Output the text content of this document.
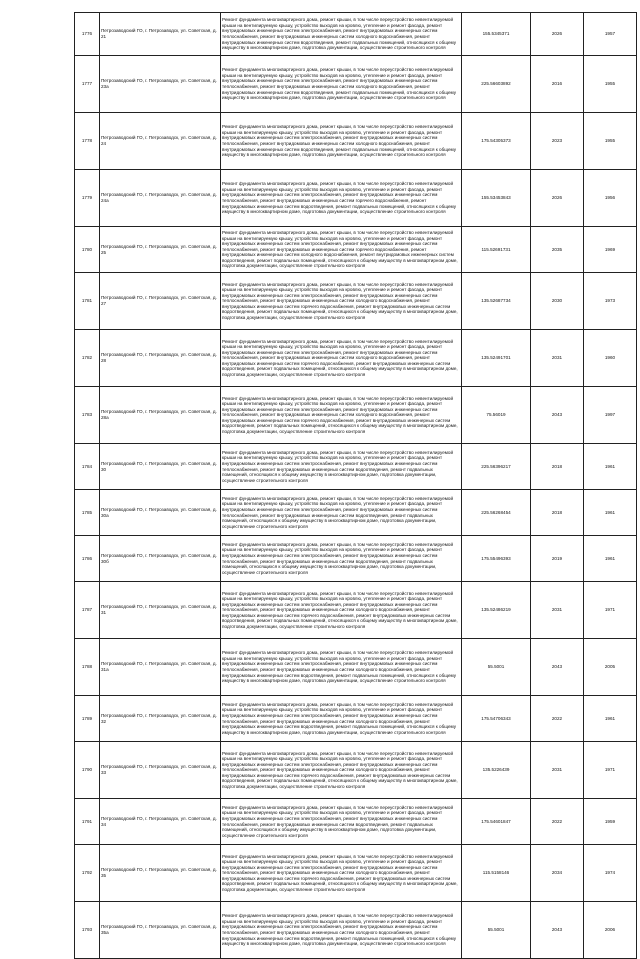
1776	Петрозаводский ГО, г. Петрозаводск, ул. Советская, д. 21	Ремонт фундамента многоквартирного дома, ремонт крыши, в том числе переустройство невентилируемой крыши на вентилируемую крышу, устройство выходов на кровлю, утепление и ремонт фасада, ремонт внутридомовых инженерных систем электроснабжения, ремонт внутридомовых инженерных систем теплоснабжения, ремонт внутридомовых инженерных систем холодного водоснабжения, ремонт внутридомовых инженерных систем водоотведения, ремонт подвальных помещений, относящихся к общему имуществу в многоквартирном доме, подготовка документации, осуществление строительного контроля	155.5345371	2026	1957
1777	Петрозаводский ГО, г. Петрозаводск, ул. Советская, д. 23а	Ремонт фундамента многоквартирного дома, ремонт крыши, в том числе переустройство невентилируемой крыши на вентилируемую крышу, устройство выходов на кровлю, утепление и ремонт фасада, ремонт внутридомовых инженерных систем электроснабжения, ремонт внутридомовых инженерных систем теплоснабжения, ремонт внутридомовых инженерных систем холодного водоснабжения, ремонт внутридомовых инженерных систем водоотведения, ремонт подвальных помещений, относящихся к общему имуществу в многоквартирном доме, подготовка документации, осуществление строительного контроля	225.56603892	2016	1955
1778	Петрозаводский ГО, г. Петрозаводск, ул. Советская, д. 24	Ремонт фундамента многоквартирного дома, ремонт крыши, в том числе переустройство невентилируемой крыши на вентилируемую крышу, устройство выходов на кровлю, утепление и ремонт фасада, ремонт внутридомовых инженерных систем электроснабжения, ремонт внутридомовых инженерных систем теплоснабжения, ремонт внутридомовых инженерных систем холодного водоснабжения, ремонт внутридомовых инженерных систем водоотведения, ремонт подвальных помещений, относящихся к общему имуществу в многоквартирном доме, подготовка документации, осуществление строительного контроля	175.54305373	2023	1955
1779	Петрозаводский ГО, г. Петрозаводск, ул. Советская, д. 24а	Ремонт фундамента многоквартирного дома, ремонт крыши, в том числе переустройство невентилируемой крыши на вентилируемую крышу, устройство выходов на кровлю, утепление и ремонт фасада, ремонт внутридомовых инженерных систем электроснабжения, ремонт внутридомовых инженерных систем теплоснабжения, ремонт внутридомовых инженерных систем горячего водоснабжения, ремонт внутридомовых инженерных систем водоотведения, ремонт подвальных помещений, относящихся к общему имуществу в многоквартирном доме, подготовка документации, осуществление строительного контроля	155.53453843	2026	1956
1780	Петрозаводский ГО, г. Петрозаводск, ул. Советская, д. 25	Ремонт фундамента многоквартирного дома, ремонт крыши, в том числе переустройство невентилируемой крыши на вентилируемую крышу, устройство выходов на кровлю, утепление и ремонт фасада, ремонт внутридомовых инженерных систем электроснабжения, ремонт внутридомовых инженерных систем теплоснабжения, ремонт внутридомовых инженерных систем горячего водоснабжения, ремонт внутридомовых инженерных систем холодного водоснабжения, ремонт внутридомовых инженерных систем водоотведения, ремонт подвальных помещений, относящихся к общему имуществу в многоквартирном доме, подготовка документации, осуществление строительного контроля	115.52691731	2035	1969
1781	Петрозаводский ГО, г. Петрозаводск, ул. Советская, д. 27	Ремонт фундамента многоквартирного дома, ремонт крыши, в том числе переустройство невентилируемой крыши на вентилируемую крышу, устройство выходов на кровлю, утепление и ремонт фасада, ремонт внутридомовых инженерных систем электроснабжения, ремонт внутридомовых инженерных систем теплоснабжения, ремонт внутридомовых инженерных систем холодного водоснабжения, ремонт внутридомовых инженерных систем горячего водоснабжения, ремонт внутридомовых инженерных систем водоотведения, ремонт подвальных помещений, относящихся к общему имуществу в многоквартирном доме, подготовка документации, осуществление строительного контроля	135.52687734	2030	1973
1782	Петрозаводский ГО, г. Петрозаводск, ул. Советская, д. 28	Ремонт фундамента многоквартирного дома, ремонт крыши, в том числе переустройство невентилируемой крыши на вентилируемую крышу, устройство выходов на кровлю, утепление и ремонт фасада, ремонт внутридомовых инженерных систем электроснабжения, ремонт внутридомовых инженерных систем теплоснабжения, ремонт внутридомовых инженерных систем холодного водоснабжения, ремонт внутридомовых инженерных систем горячего водоснабжения, ремонт внутридомовых инженерных систем водоотведения, ремонт подвальных помещений, относящихся к общему имуществу в многоквартирном доме, подготовка документации, осуществление строительного контроля	135.52491701	2031	1960
1783	Петрозаводский ГО, г. Петрозаводск, ул. Советская, д. 28а	Ремонт фундамента многоквартирного дома, ремонт крыши, в том числе переустройство невентилируемой крыши на вентилируемую крышу, устройство выходов на кровлю, утепление и ремонт фасада, ремонт внутридомовых инженерных систем электроснабжения, ремонт внутридомовых инженерных систем теплоснабжения, ремонт внутридомовых инженерных систем холодного водоснабжения, ремонт внутридомовых инженерных систем горячего водоснабжения, ремонт внутридомовых инженерных систем водоотведения, ремонт подвальных помещений, относящихся к общему имуществу в многоквартирном доме, подготовка документации, осуществление строительного контроля	75.56019	2043	1997
1784	Петрозаводский ГО, г. Петрозаводск, ул. Советская, д. 30	Ремонт фундамента многоквартирного дома, ремонт крыши, в том числе переустройство невентилируемой крыши на вентилируемую крышу, устройство выходов на кровлю, утепление и ремонт фасада, ремонт внутридомовых инженерных систем электроснабжения, ремонт внутридомовых инженерных систем теплоснабжения, ремонт внутридомовых инженерных систем водоотведения, ремонт подвальных помещений, относящихся к общему имуществу в многоквартирном доме, подготовка документации, осуществление строительного контроля	225.56396217	2018	1961
1785	Петрозаводский ГО, г. Петрозаводск, ул. Советская, д. 30а	Ремонт фундамента многоквартирного дома, ремонт крыши, в том числе переустройство невентилируемой крыши на вентилируемую крышу, устройство выходов на кровлю, утепление и ремонт фасада, ремонт внутридомовых инженерных систем электроснабжения, ремонт внутридомовых инженерных систем теплоснабжения, ремонт внутридомовых инженерных систем водоотведения, ремонт подвальных помещений, относящихся к общему имуществу в многоквартирном доме, подготовка документации, осуществление строительного контроля	225.56268454	2018	1961
1786	Петрозаводский ГО, г. Петрозаводск, ул. Советская, д. 30б	Ремонт фундамента многоквартирного дома, ремонт крыши, в том числе переустройство невентилируемой крыши на вентилируемую крышу, устройство выходов на кровлю, утепление и ремонт фасада, ремонт внутридомовых инженерных систем электроснабжения, ремонт внутридомовых инженерных систем теплоснабжения, ремонт внутридомовых инженерных систем водоотведения, ремонт подвальных помещений, относящихся к общему имуществу в многоквартирном доме, подготовка документации, осуществление строительного контроля	175.55496393	2019	1961
1787	Петрозаводский ГО, г. Петрозаводск, ул. Советская, д. 31	Ремонт фундамента многоквартирного дома, ремонт крыши, в том числе переустройство невентилируемой крыши на вентилируемую крышу, устройство выходов на кровлю, утепление и ремонт фасада, ремонт внутридомовых инженерных систем электроснабжения, ремонт внутридомовых инженерных систем теплоснабжения, ремонт внутридомовых инженерных систем холодного водоснабжения, ремонт внутридомовых инженерных систем горячего водоснабжения, ремонт внутридомовых инженерных систем водоотведения, ремонт подвальных помещений, относящихся к общему имуществу в многоквартирном доме, подготовка документации, осуществление строительного контроля	135.52486219	2031	1971
1788	Петрозаводский ГО, г. Петрозаводск, ул. Советская, д. 31а	Ремонт фундамента многоквартирного дома, ремонт крыши, в том числе переустройство невентилируемой крыши на вентилируемую крышу, устройство выходов на кровлю, утепление и ремонт фасада, ремонт внутридомовых инженерных систем электроснабжения, ремонт внутридомовых инженерных систем теплоснабжения, ремонт внутридомовых инженерных систем холодного водоснабжения, ремонт внутридомовых инженерных систем водоотведения, ремонт подвальных помещений, относящихся к общему имуществу в многоквартирном доме, подготовка документации, осуществление строительного контроля	55.5001	2043	2005
1789	Петрозаводский ГО, г. Петрозаводск, ул. Советская, д. 32	Ремонт фундамента многоквартирного дома, ремонт крыши, в том числе переустройство невентилируемой крыши на вентилируемую крышу, устройство выходов на кровлю, утепление и ремонт фасада, ремонт внутридомовых инженерных систем электроснабжения, ремонт внутридомовых инженерных систем теплоснабжения, ремонт внутридомовых инженерных систем холодного водоснабжения, ремонт внутридомовых инженерных систем водоотведения, ремонт подвальных помещений, относящихся к общему имуществу в многоквартирном доме, подготовка документации, осуществление строительного контроля	175.54706343	2022	1961
1790	Петрозаводский ГО, г. Петрозаводск, ул. Советская, д. 33	Ремонт фундамента многоквартирного дома, ремонт крыши, в том числе переустройство невентилируемой крыши на вентилируемую крышу, устройство выходов на кровлю, утепление и ремонт фасада, ремонт внутридомовых инженерных систем электроснабжения, ремонт внутридомовых инженерных систем теплоснабжения, ремонт внутридомовых инженерных систем холодного водоснабжения, ремонт внутридомовых инженерных систем горячего водоснабжения, ремонт внутридомовых инженерных систем водоотведения, ремонт подвальных помещений, относящихся к общему имуществу в многоквартирном доме, подготовка документации, осуществление строительного контроля	135.5226439	2031	1971
1791	Петрозаводский ГО, г. Петрозаводск, ул. Советская, д. 34	Ремонт фундамента многоквартирного дома, ремонт крыши, в том числе переустройство невентилируемой крыши на вентилируемую крышу, устройство выходов на кровлю, утепление и ремонт фасада, ремонт внутридомовых инженерных систем электроснабжения, ремонт внутридомовых инженерных систем теплоснабжения, ремонт внутридомовых инженерных систем водоотведения, ремонт подвальных помещений, относящихся к общему имуществу в многоквартирном доме, подготовка документации, осуществление строительного контроля	175.54601847	2022	1959
1792	Петрозаводский ГО, г. Петрозаводск, ул. Советская, д. 35	Ремонт фундамента многоквартирного дома, ремонт крыши, в том числе переустройство невентилируемой крыши на вентилируемую крышу, устройство выходов на кровлю, утепление и ремонт фасада, ремонт внутридомовых инженерных систем электроснабжения, ремонт внутридомовых инженерных систем теплоснабжения, ремонт внутридомовых инженерных систем холодного водоснабжения, ремонт внутридомовых инженерных систем горячего водоснабжения, ремонт внутридомовых инженерных систем водоотведения, ремонт подвальных помещений, относящихся к общему имуществу в многоквартирном доме, подготовка документации, осуществление строительного контроля	115.5158146	2034	1974
1793	Петрозаводский ГО, г. Петрозаводск, ул. Советская, д. 35а	Ремонт фундамента многоквартирного дома, ремонт крыши, в том числе переустройство невентилируемой крыши на вентилируемую крышу, устройство выходов на кровлю, утепление и ремонт фасада, ремонт внутридомовых инженерных систем электроснабжения, ремонт внутридомовых инженерных систем теплоснабжения, ремонт внутридомовых инженерных систем холодного водоснабжения, ремонт внутридомовых инженерных систем водоотведения, ремонт подвальных помещений, относящихся к общему имуществу в многоквартирном доме, подготовка документации, осуществление строительного контроля	55.5001	2043	2006
